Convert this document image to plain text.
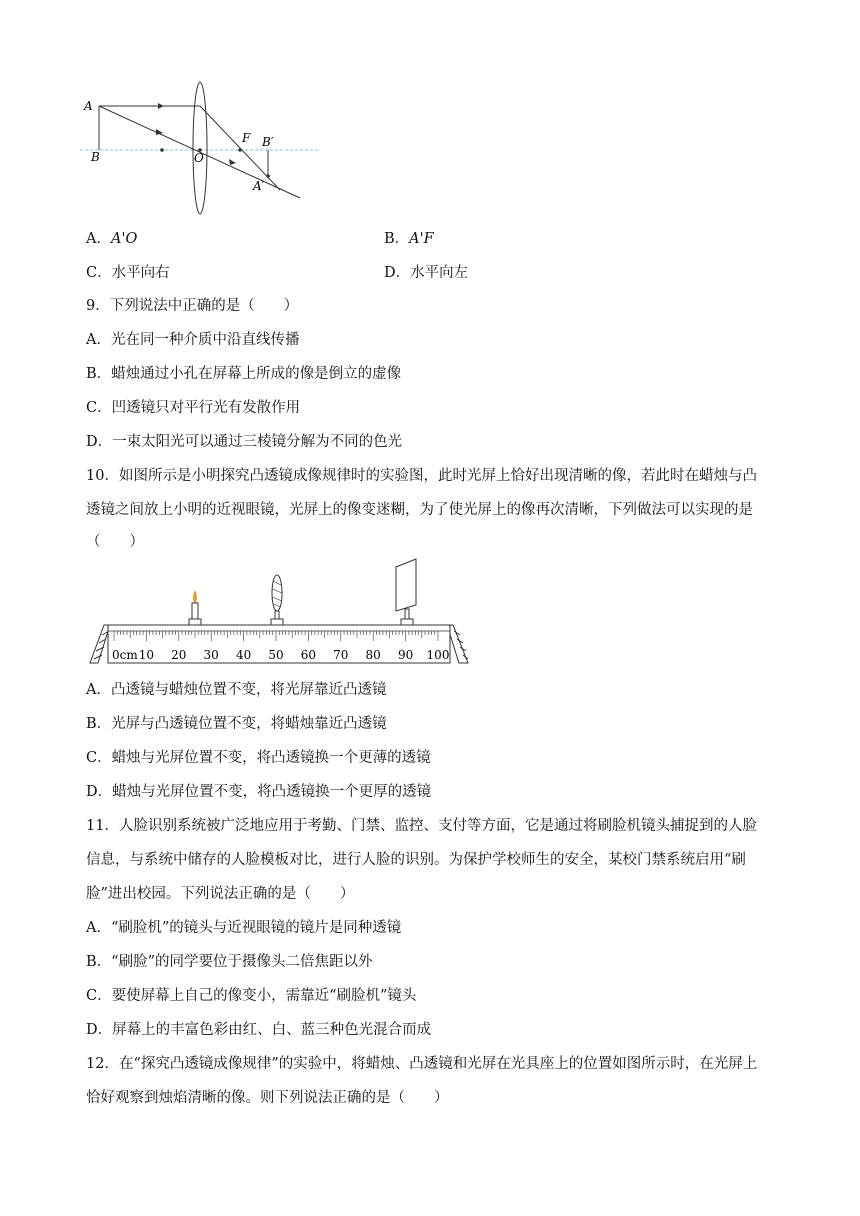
A
B	O
F B′
A′
A．A'O	B．A'F
C．水平向右	D．水平向左
9．下列说法中正确的是（　　）
A．光在同一种介质中沿直线传播
B．蜡烛通过小孔在屏幕上所成的像是倒立的虚像
C．凹透镜只对平行光有发散作用
D．一束太阳光可以通过三棱镜分解为不同的色光
10．如图所示是小明探究凸透镜成像规律时的实验图，此时光屏上恰好出现清晰的像，若此时在蜡烛与凸
透镜之间放上小明的近视眼镜，光屏上的像变迷糊，为了使光屏上的像再次清晰，下列做法可以实现的是
（　　）
0cm 10 20 30 40 50 60 70 80 90 100
A．凸透镜与蜡烛位置不变，将光屏靠近凸透镜
B．光屏与凸透镜位置不变，将蜡烛靠近凸透镜
C．蜡烛与光屏位置不变，将凸透镜换一个更薄的透镜
D．蜡烛与光屏位置不变，将凸透镜换一个更厚的透镜
11．人脸识别系统被广泛地应用于考勤、门禁、监控、支付等方面，它是通过将刷脸机镜头捕捉到的人脸
信息，与系统中储存的人脸模板对比，进行人脸的识别。为保护学校师生的安全，某校门禁系统启用“刷
脸”进出校园。下列说法正确的是（　　）
A．“刷脸机”的镜头与近视眼镜的镜片是同种透镜
B．“刷脸”的同学要位于摄像头二倍焦距以外
C．要使屏幕上自己的像变小，需靠近“刷脸机”镜头
D．屏幕上的丰富色彩由红、白、蓝三种色光混合而成
12．在“探究凸透镜成像规律”的实验中，将蜡烛、凸透镜和光屏在光具座上的位置如图所示时，在光屏上
恰好观察到烛焰清晰的像。则下列说法正确的是（　　）
